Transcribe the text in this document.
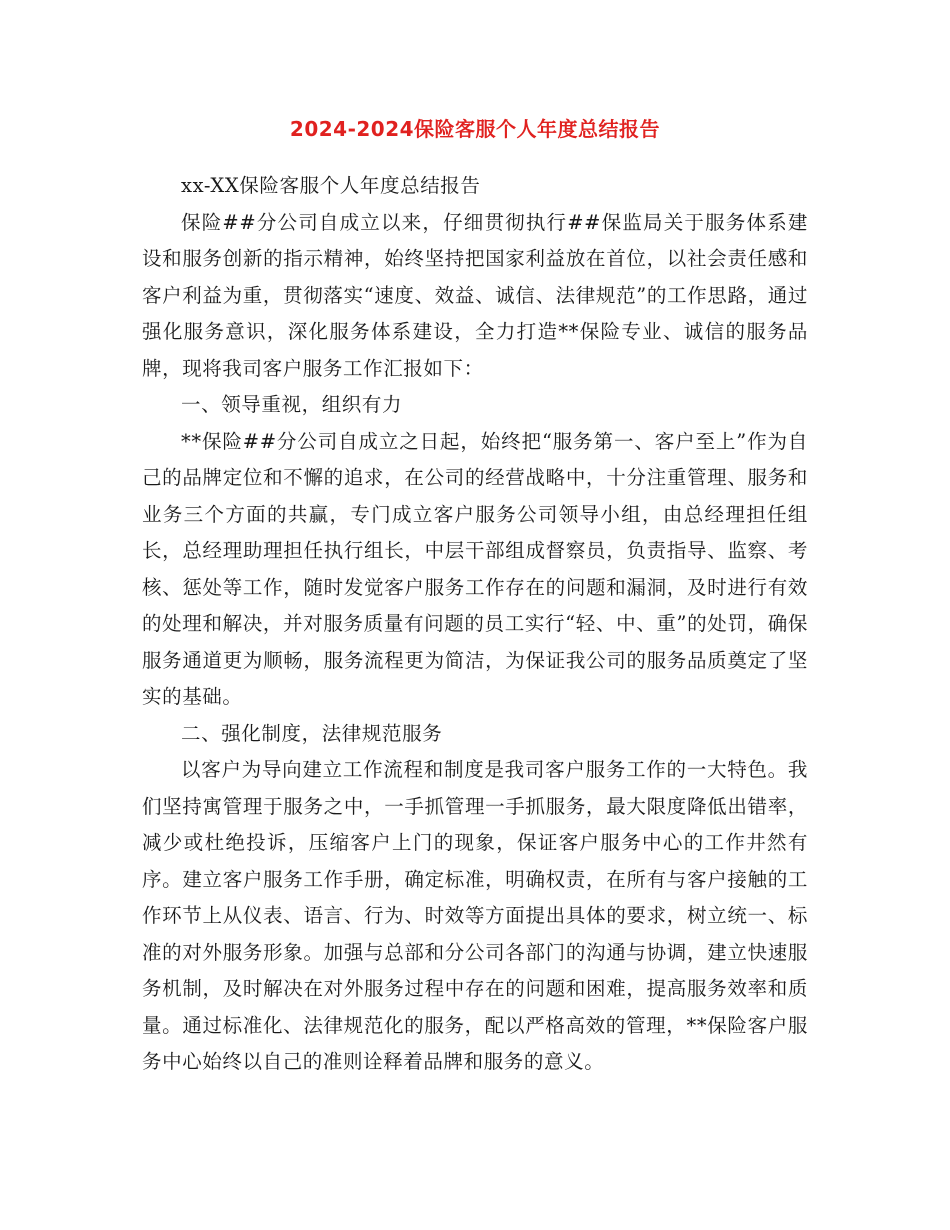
2024-2024保险客服个人年度总结报告

xx-XX保险客服个人年度总结报告

保险##分公司自成立以来，仔细贯彻执行##保监局关于服务体系建设和服务创新的指示精神，始终坚持把国家利益放在首位，以社会责任感和客户利益为重，贯彻落实“速度、效益、诚信、法律规范”的工作思路，通过强化服务意识，深化服务体系建设，全力打造**保险专业、诚信的服务品牌，现将我司客户服务工作汇报如下：

一、领导重视，组织有力

**保险##分公司自成立之日起，始终把“服务第一、客户至上”作为自己的品牌定位和不懈的追求，在公司的经营战略中，十分注重管理、服务和业务三个方面的共赢，专门成立客户服务公司领导小组，由总经理担任组长，总经理助理担任执行组长，中层干部组成督察员，负责指导、监察、考核、惩处等工作，随时发觉客户服务工作存在的问题和漏洞，及时进行有效的处理和解决，并对服务质量有问题的员工实行“轻、中、重”的处罚，确保服务通道更为顺畅，服务流程更为简洁，为保证我公司的服务品质奠定了坚实的基础。

二、强化制度，法律规范服务

以客户为导向建立工作流程和制度是我司客户服务工作的一大特色。我们坚持寓管理于服务之中，一手抓管理一手抓服务，最大限度降低出错率，减少或杜绝投诉，压缩客户上门的现象，保证客户服务中心的工作井然有序。建立客户服务工作手册，确定标准，明确权责，在所有与客户接触的工作环节上从仪表、语言、行为、时效等方面提出具体的要求，树立统一、标准的对外服务形象。加强与总部和分公司各部门的沟通与协调，建立快速服务机制，及时解决在对外服务过程中存在的问题和困难，提高服务效率和质量。通过标准化、法律规范化的服务，配以严格高效的管理，**保险客户服务中心始终以自己的准则诠释着品牌和服务的意义。
